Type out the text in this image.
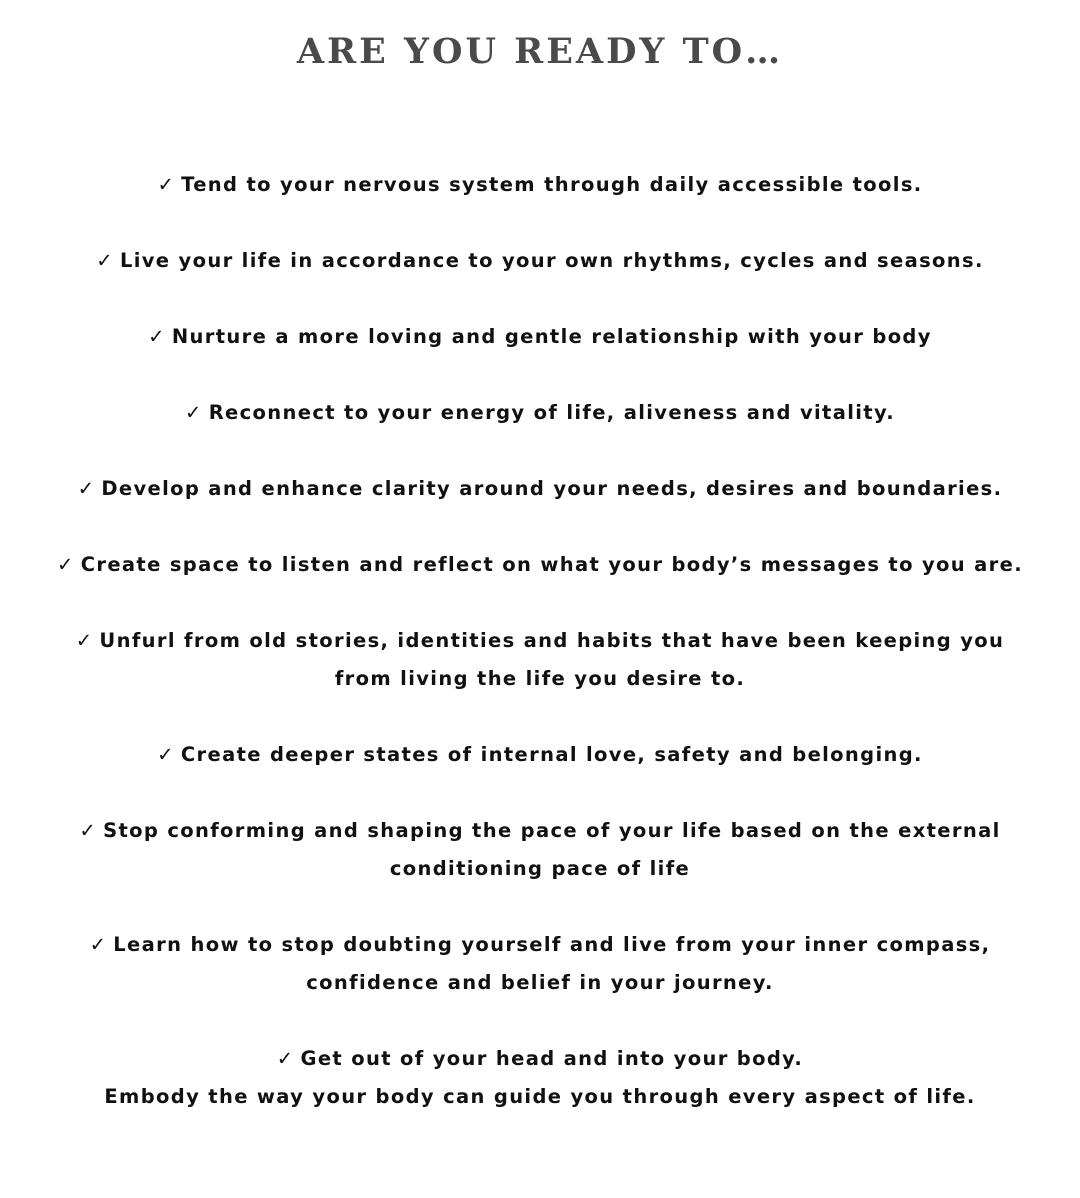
ARE YOU READY TO…
✓ Tend to your nervous system through daily accessible tools.
✓ Live your life in accordance to your own rhythms, cycles and seasons.
✓ Nurture a more loving and gentle relationship with your body
✓ Reconnect to your energy of life, aliveness and vitality.
✓ Develop and enhance clarity around your needs, desires and boundaries.
✓ Create space to listen and reflect on what your body’s messages to you are.
✓ Unfurl from old stories, identities and habits that have been keeping you
from living the life you desire to.
✓ Create deeper states of internal love, safety and belonging.
✓ Stop conforming and shaping the pace of your life based on the external
conditioning pace of life
✓ Learn how to stop doubting yourself and live from your inner compass,
confidence and belief in your journey.
✓ Get out of your head and into your body.
Embody the way your body can guide you through every aspect of life.
